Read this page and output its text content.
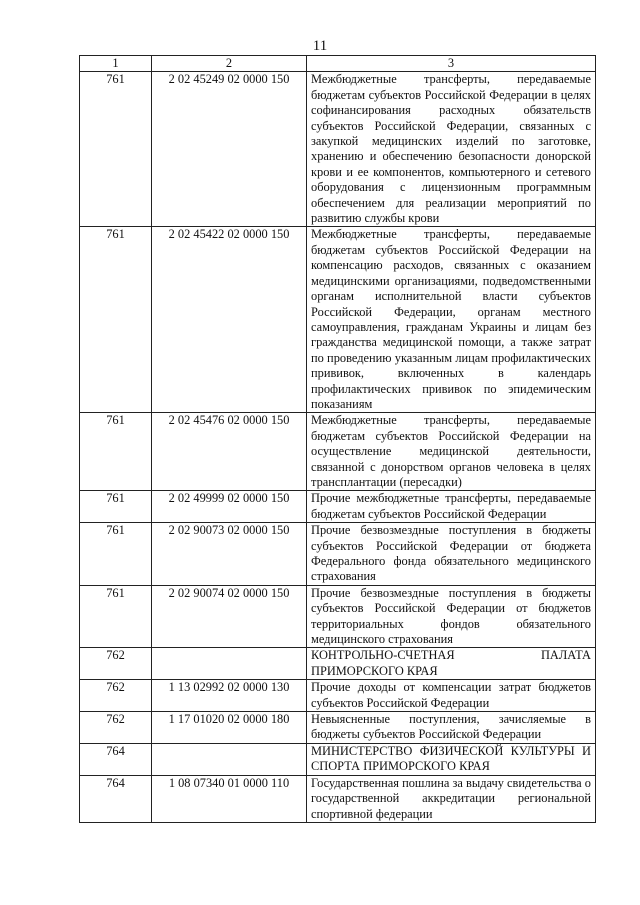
11
1	2	3
761	2 02 45249 02 0000 150	Межбюджетные трансферты, передаваемые бюджетам субъектов Российской Федерации в целях софинансирования расходных обязательств субъектов Российской Федерации, связанных с закупкой медицинских изделий по заготовке, хранению и обеспечению безопасности донорской крови и ее компонентов, компьютерного и сетевого оборудования с лицензионным программным обеспечением для реализации мероприятий по развитию службы крови
761	2 02 45422 02 0000 150	Межбюджетные трансферты, передаваемые бюджетам субъектов Российской Федерации на компенсацию расходов, связанных с оказанием медицинскими организациями, подведомственными органам исполнительной власти субъектов Российской Федерации, органам местного самоуправления, гражданам Украины и лицам без гражданства медицинской помощи, а также затрат по проведению указанным лицам профилактических прививок, включенных в календарь профилактических прививок по эпидемическим показаниям
761	2 02 45476 02 0000 150	Межбюджетные трансферты, передаваемые бюджетам субъектов Российской Федерации на осуществление медицинской деятельности, связанной с донорством органов человека в целях трансплантации (пересадки)
761	2 02 49999 02 0000 150	Прочие межбюджетные трансферты, передаваемые бюджетам субъектов Российской Федерации
761	2 02 90073 02 0000 150	Прочие безвозмездные поступления в бюджеты субъектов Российской Федерации от бюджета Федерального фонда обязательного медицинского страхования
761	2 02 90074 02 0000 150	Прочие безвозмездные поступления в бюджеты субъектов Российской Федерации от бюджетов территориальных фондов обязательного медицинского страхования
762		КОНТРОЛЬНО-СЧЕТНАЯ ПАЛАТА
ПРИМОРСКОГО КРАЯ

762	1 13 02992 02 0000 130	Прочие доходы от компенсации затрат бюджетов субъектов Российской Федерации
762	1 17 01020 02 0000 180	Невыясненные поступления, зачисляемые в бюджеты субъектов Российской Федерации
764		МИНИСТЕРСТВО ФИЗИЧЕСКОЙ КУЛЬТУРЫ И
СПОРТА ПРИМОРСКОГО КРАЯ

764	1 08 07340 01 0000 110	Государственная пошлина за выдачу свидетельства о государственной аккредитации региональной спортивной федерации
